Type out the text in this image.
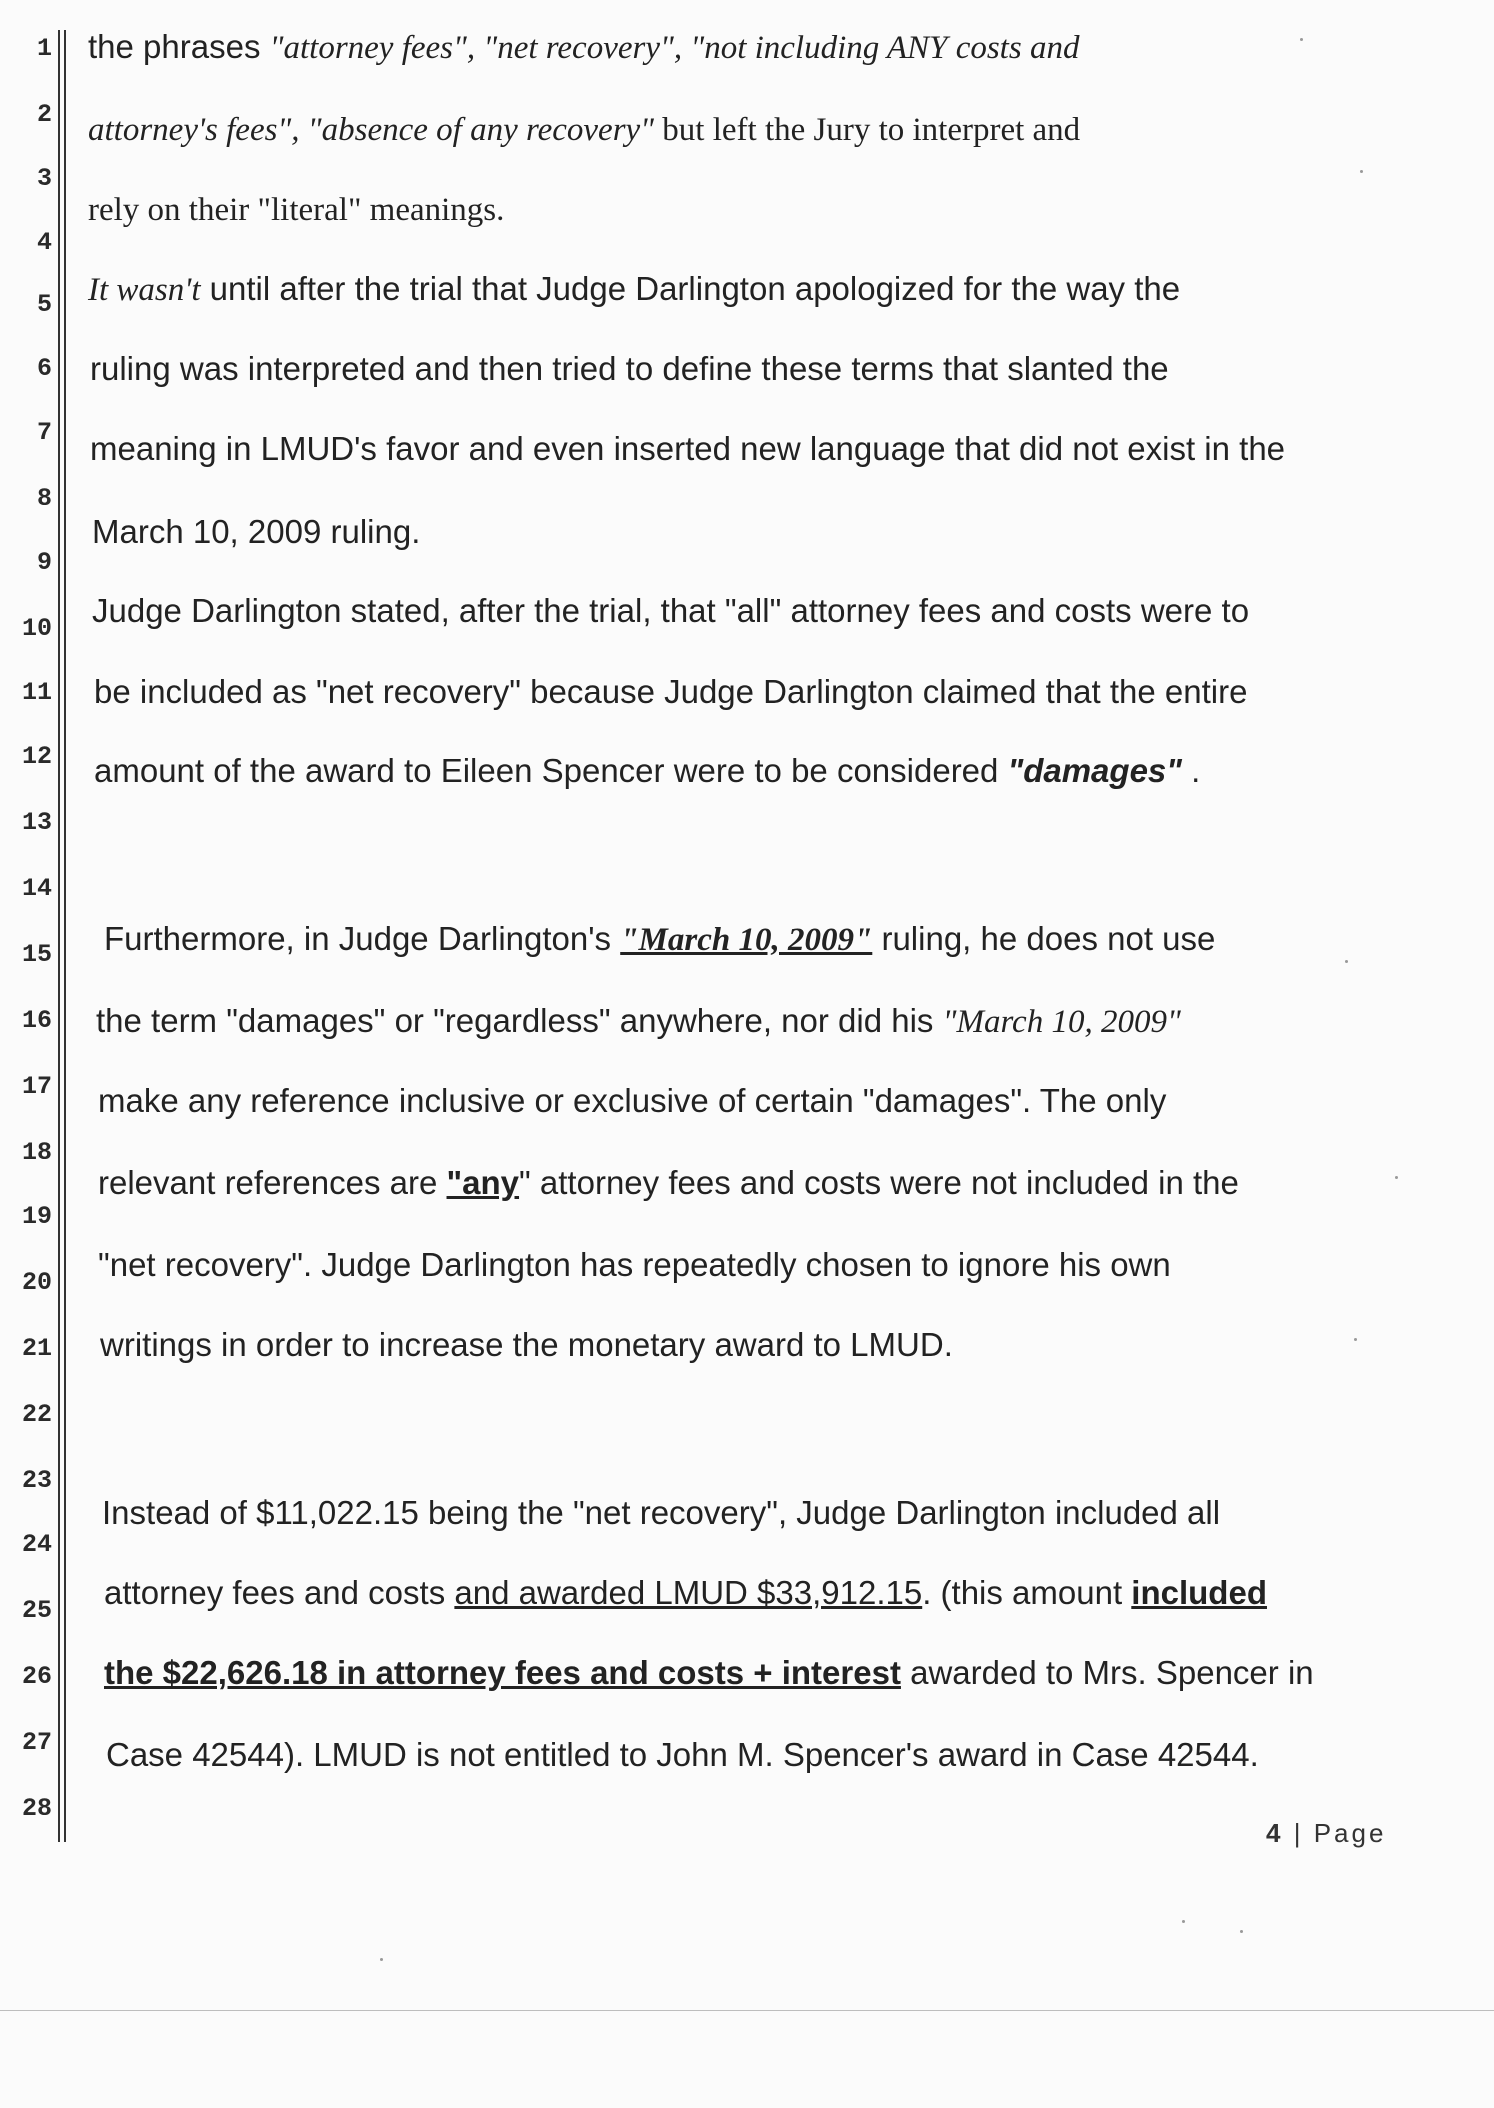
1
2
3
4
5
6
7
8
9
10
11
12
13
14
15
16
17
18
19
20
21
22
23
24
25
26
27
28
the phrases "attorney fees", "net recovery", "not including ANY costs and
attorney's fees", "absence of any recovery" but left the Jury to interpret and
rely on their "literal" meanings.
It wasn't until after the trial that Judge Darlington apologized for the way the
ruling was interpreted and then tried to define these terms that slanted the
meaning in LMUD's favor and even inserted new language that did not exist in the
March 10, 2009 ruling.
Judge Darlington stated, after the trial, that "all" attorney fees and costs were to
be included as "net recovery" because Judge Darlington claimed that the entire
amount of the award to Eileen Spencer were to be considered "damages" .
Furthermore, in Judge Darlington's "March 10, 2009" ruling, he does not use
the term "damages" or "regardless" anywhere, nor did his "March 10, 2009"
make any reference inclusive or exclusive of certain "damages". The only
relevant references are "any" attorney fees and costs were not included in the
"net recovery". Judge Darlington has repeatedly chosen to ignore his own
writings in order to increase the monetary award to LMUD.
Instead of $11,022.15 being the "net recovery", Judge Darlington included all
attorney fees and costs and awarded LMUD $33,912.15. (this amount included
the $22,626.18 in attorney fees and costs + interest awarded to Mrs. Spencer in
Case 42544). LMUD is not entitled to John M. Spencer's award in Case 42544.
4 | Page
